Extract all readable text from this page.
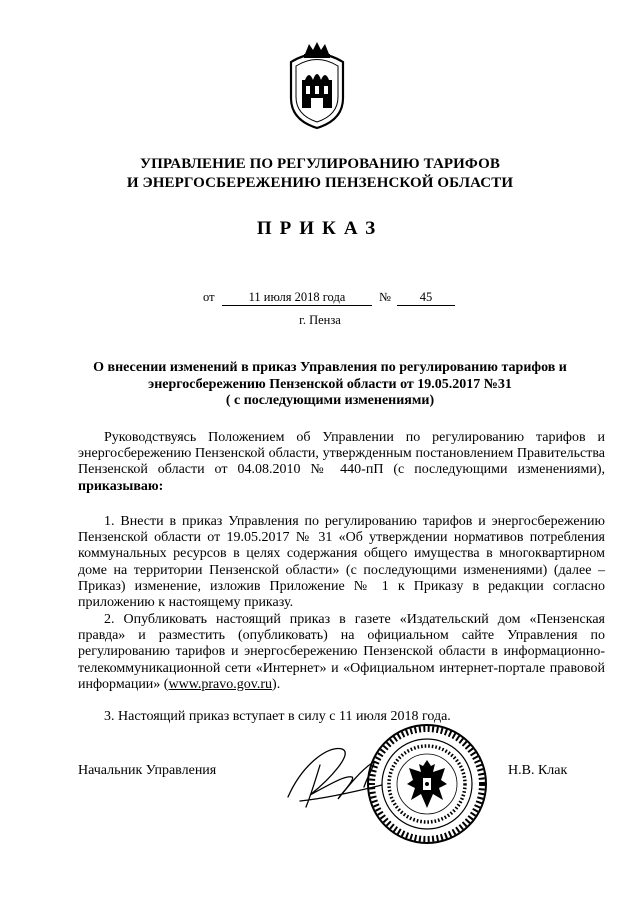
УПРАВЛЕНИЕ ПО РЕГУЛИРОВАНИЮ ТАРИФОВ
И ЭНЕРГОСБЕРЕЖЕНИЮ ПЕНЗЕНСКОЙ ОБЛАСТИ
ПРИКАЗ
от	11 июля 2018 года	№	45
г. Пенза
О внесении изменений в приказ Управления по регулированию тарифов и
энергосбережению Пензенской области от 19.05.2017 №31
( с последующими изменениями)
Руководствуясь Положением об Управлении по регулированию тарифов и энергосбережению Пензенской области, утвержденным постановлением Правительства Пензенской области от 04.08.2010 № 440-пП (с последующими изменениями), приказываю:
1. Внести в приказ Управления по регулированию тарифов и энергосбережению Пензенской области от 19.05.2017 № 31 «Об утверждении нормативов потребления коммунальных ресурсов в целях содержания общего имущества в многоквартирном доме на территории Пензенской области» (с последующими изменениями) (далее – Приказ) изменение, изложив Приложение № 1 к Приказу в редакции согласно приложению к настоящему приказу.
2. Опубликовать настоящий приказ в газете «Издательский дом «Пензенская правда» и разместить (опубликовать) на официальном сайте Управления по регулированию тарифов и энергосбережению Пензенской области в информационно-телекоммуникационной сети «Интернет» и «Официальном интернет-портале правовой информации» (www.pravo.gov.ru).
3. Настоящий приказ вступает в силу с 11 июля 2018 года.
Начальник Управления	Н.В. Клак
